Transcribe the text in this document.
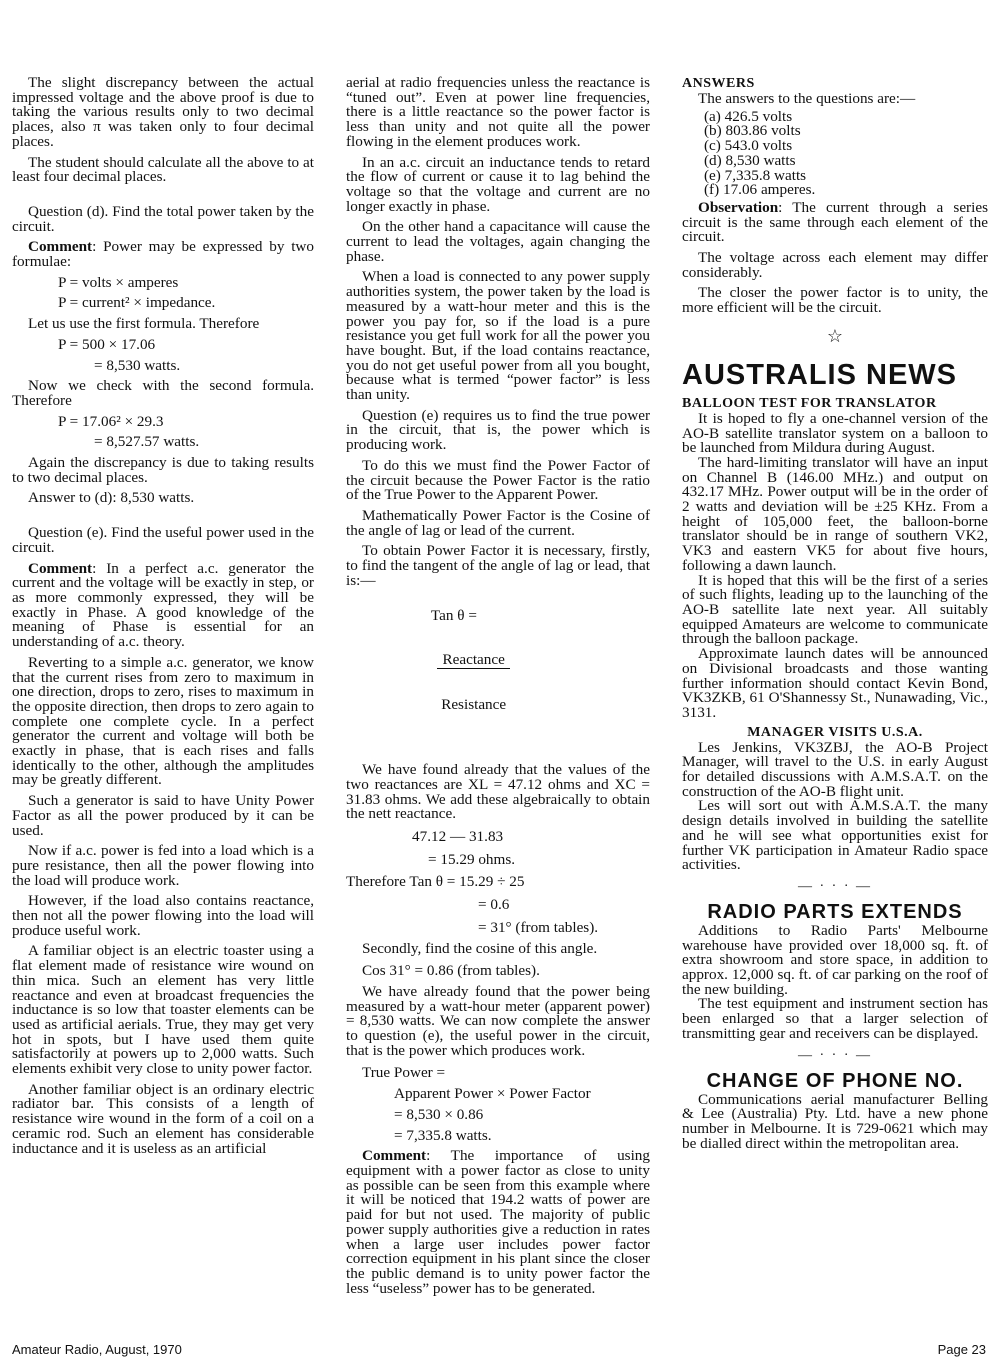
The slight discrepancy between the actual impressed voltage and the above proof is due to taking the various results only to two decimal places, also π was taken only to four decimal places.

The student should calculate all the above to at least four decimal places.

Question (d). Find the total power taken by the circuit.

Comment: Power may be expressed by two formulae:

P = volts × amperes

P = current² × impedance.

Let us use the first formula. Therefore

P = 500 × 17.06

= 8,530 watts.

Now we check with the second formula. Therefore

P = 17.06² × 29.3

= 8,527.57 watts.

Again the discrepancy is due to taking results to two decimal places.

Answer to (d): 8,530 watts.

Question (e). Find the useful power used in the circuit.

Comment: In a perfect a.c. generator the current and the voltage will be exactly in step, or as more commonly expressed, they will be exactly in Phase. A good knowledge of the meaning of Phase is essential for an understanding of a.c. theory.

Reverting to a simple a.c. generator, we know that the current rises from zero to maximum in one direction, drops to zero, rises to maximum in the opposite direction, then drops to zero again to complete one complete cycle. In a perfect generator the current and voltage will both be exactly in phase, that is each rises and falls identically to the other, although the amplitudes may be greatly different.

Such a generator is said to have Unity Power Factor as all the power produced by it can be used.

Now if a.c. power is fed into a load which is a pure resistance, then all the power flowing into the load will produce work.

However, if the load also contains reactance, then not all the power flowing into the load will produce useful work.

A familiar object is an electric toaster using a flat element made of resistance wire wound on thin mica. Such an element has very little reactance and even at broadcast frequencies the inductance is so low that toaster elements can be used as artificial aerials. True, they may get very hot in spots, but I have used them quite satisfactorily at powers up to 2,000 watts. Such elements exhibit very close to unity power factor.

Another familiar object is an ordinary electric radiator bar. This consists of a length of resistance wire wound in the form of a coil on a ceramic rod. Such an element has considerable inductance and it is useless as an artificial

aerial at radio frequencies unless the reactance is “tuned out”. Even at power line frequencies, there is a little reactance so the power factor is less than unity and not quite all the power flowing in the element produces work.

In an a.c. circuit an inductance tends to retard the flow of current or cause it to lag behind the voltage so that the voltage and current are no longer exactly in phase.

On the other hand a capacitance will cause the current to lead the voltages, again changing the phase.

When a load is connected to any power supply authorities system, the power taken by the load is measured by a watt-hour meter and this is the power you pay for, so if the load is a pure resistance you get full work for all the power you have bought. But, if the load contains reactance, you do not get useful power from all you bought, because what is termed “power factor” is less than unity.

Question (e) requires us to find the true power in the circuit, that is, the power which is producing work.

To do this we must find the Power Factor of the circuit because the Power Factor is the ratio of the True Power to the Apparent Power.

Mathematically Power Factor is the Cosine of the angle of lag or lead of the current.

To obtain Power Factor it is necessary, firstly, to find the tangent of the angle of lag or lead, that is:—

Tan θ =

$\frac{\text{Reactance}}{\text{Resistance}}$

We have found already that the values of the two reactances are XL = 47.12 ohms and XC = 31.83 ohms. We add these algebraically to obtain the nett reactance.

47.12 — 31.83

= 15.29 ohms.

Therefore Tan θ = 15.29 ÷ 25

= 0.6

= 31° (from tables).

Secondly, find the cosine of this angle.

Cos 31° = 0.86 (from tables).

We have already found that the power being measured by a watt-hour meter (apparent power) = 8,530 watts. We can now complete the answer to question (e), the useful power in the circuit, that is the power which produces work.

True Power =

Apparent Power × Power Factor

= 8,530 × 0.86

= 7,335.8 watts.

Comment: The importance of using equipment with a power factor as close to unity as possible can be seen from this example where it will be noticed that 194.2 watts of power are paid for but not used. The majority of public power supply authorities give a reduction in rates when a large user includes power factor correction equipment in his plant since the closer the public demand is to unity power factor the less “useless” power has to be generated.

ANSWERS

The answers to the questions are:—

(a) 426.5 volts

(b) 803.86 volts

(c) 543.0 volts

(d) 8,530 watts

(e) 7,335.8 watts

(f) 17.06 amperes.

Observation: The current through a series circuit is the same through each element of the circuit.

The voltage across each element may differ considerably.

The closer the power factor is to unity, the more efficient will be the circuit.

☆

AUSTRALIS NEWS

BALLOON TEST FOR TRANSLATOR

It is hoped to fly a one-channel version of the AO-B satellite translator system on a balloon to be launched from Mildura during August.

The hard-limiting translator will have an input on Channel B (146.00 MHz.) and output on 432.17 MHz. Power output will be in the order of 2 watts and deviation will be ±25 KHz. From a height of 105,000 feet, the balloon-borne translator should be in range of southern VK2, VK3 and eastern VK5 for about five hours, following a dawn launch.

It is hoped that this will be the first of a series of such flights, leading up to the launching of the AO-B satellite late next year. All suitably equipped Amateurs are welcome to communicate through the balloon package.

Approximate launch dates will be announced on Divisional broadcasts and those wanting further information should contact Kevin Bond, VK3ZKB, 61 O'Shannessy St., Nunawading, Vic., 3131.

MANAGER VISITS U.S.A.

Les Jenkins, VK3ZBJ, the AO-B Project Manager, will travel to the U.S. in early August for detailed discussions with A.M.S.A.T. on the construction of the AO-B flight unit.

Les will sort out with A.M.S.A.T. the many design details involved in building the satellite and he will see what opportunities exist for further VK participation in Amateur Radio space activities.

— · · · —

RADIO PARTS EXTENDS

Additions to Radio Parts' Melbourne warehouse have provided over 18,000 sq. ft. of extra showroom and store space, in addition to approx. 12,000 sq. ft. of car parking on the roof of the new building.

The test equipment and instrument section has been enlarged so that a larger selection of transmitting gear and receivers can be displayed.

— · · · —

CHANGE OF PHONE NO.

Communications aerial manufacturer Belling & Lee (Australia) Pty. Ltd. have a new phone number in Melbourne. It is 729-0621 which may be dialled direct within the metropolitan area.

Amateur Radio, August, 1970	Page 23
